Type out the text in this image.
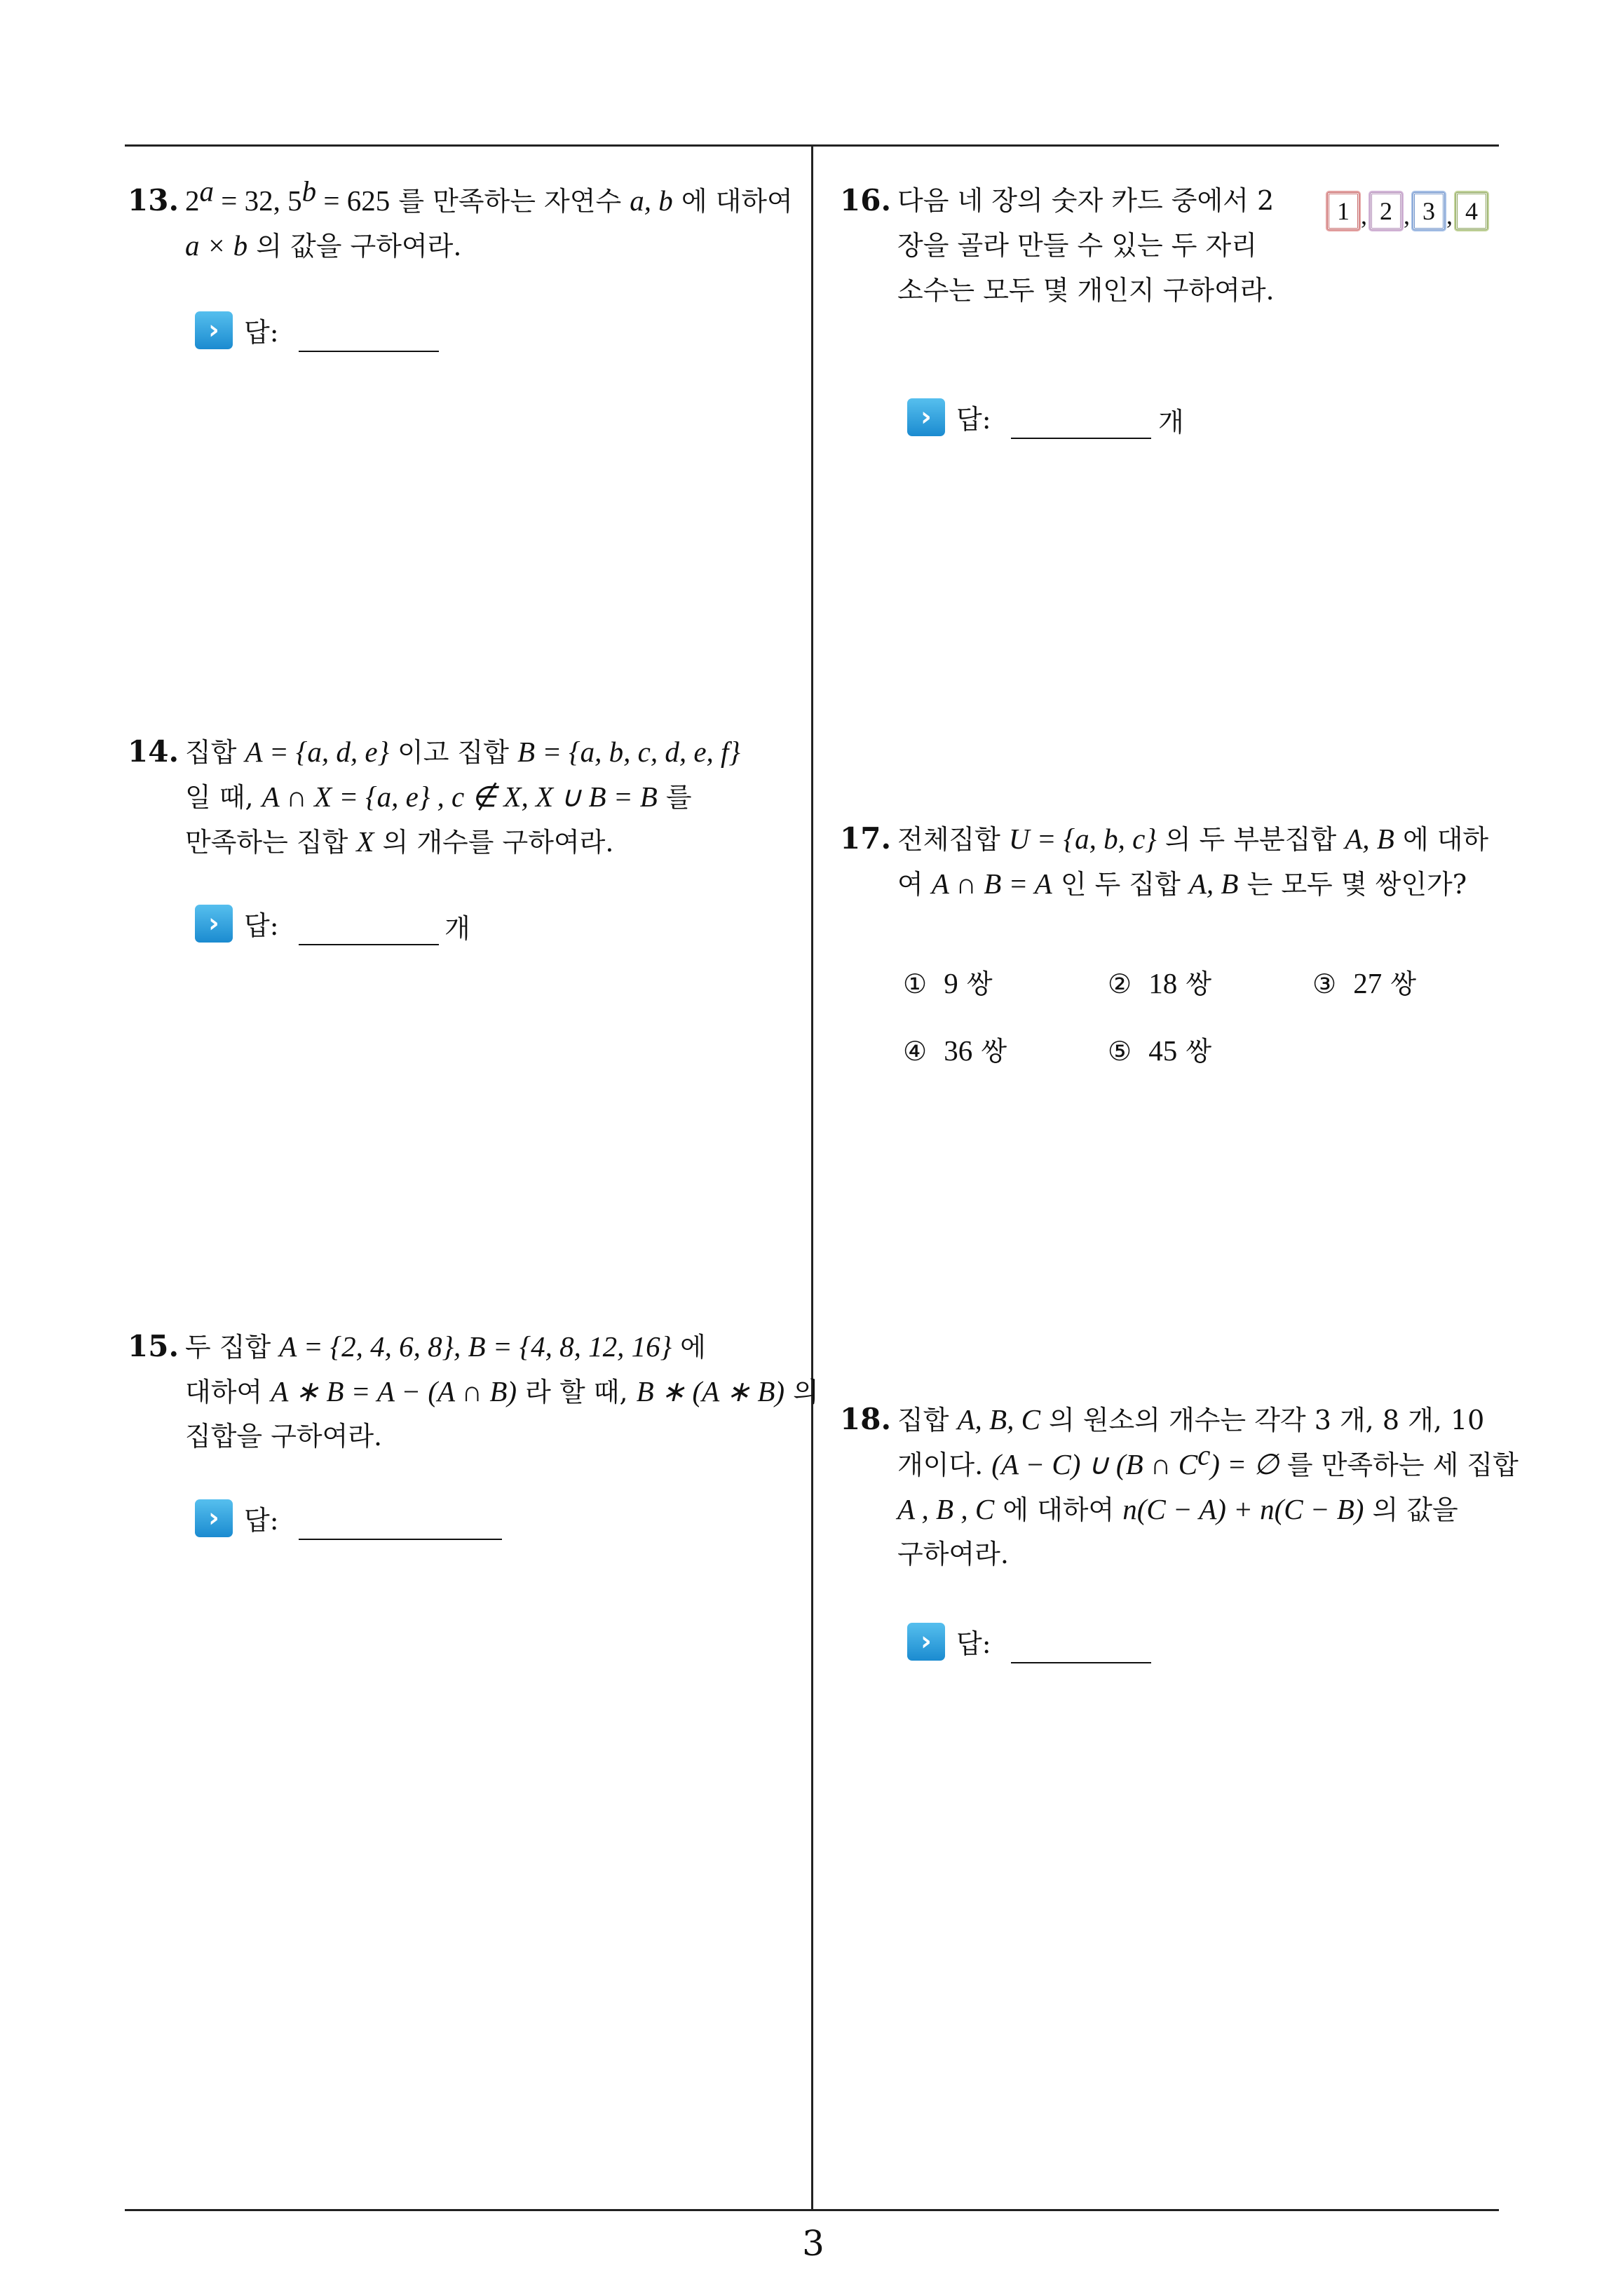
13. $2^a = 32$, $5^b = 625$ 를 만족하는 자연수 a, b 에 대하여
a × b 의 값을 구하여라.
› 답:
14. 집합 A = {a, d, e} 이고 집합 B = {a, b, c, d, e, f}
일 때, A ∩ X = {a, e} , c ∉ X, X ∪ B = B 를
만족하는 집합 X 의 개수를 구하여라.
› 답:	개
15. 두 집합 A = {2, 4, 6, 8}, B = {4, 8, 12, 16} 에
대하여 A ∗ B = A − (A ∩ B) 라 할 때, B ∗ (A ∗ B) 의
집합을 구하여라.
› 답:
16. 다음 네 장의 숫자 카드 중에서 2
장을 골라 만들 수 있는 두 자리
소수는 모두 몇 개인지 구하여라.
› 답:	개
1 , 2 , 3 , 4
17. 전체집합 U = {a, b, c} 의 두 부분집합 A, B 에 대하
여 A ∩ B = A 인 두 집합 A, B 는 모두 몇 쌍인가?
① 9 쌍	② 18 쌍	③ 27 쌍
④ 36 쌍	⑤ 45 쌍
18. 집합 A, B, C 의 원소의 개수는 각각 3 개, 8 개, 10
개이다. (A − C) ∪ (B ∩ $C^c$) = ∅ 를 만족하는 세 집합
A , B , C 에 대하여 n(C − A) + n(C − B) 의 값을
구하여라.
› 답:
3
